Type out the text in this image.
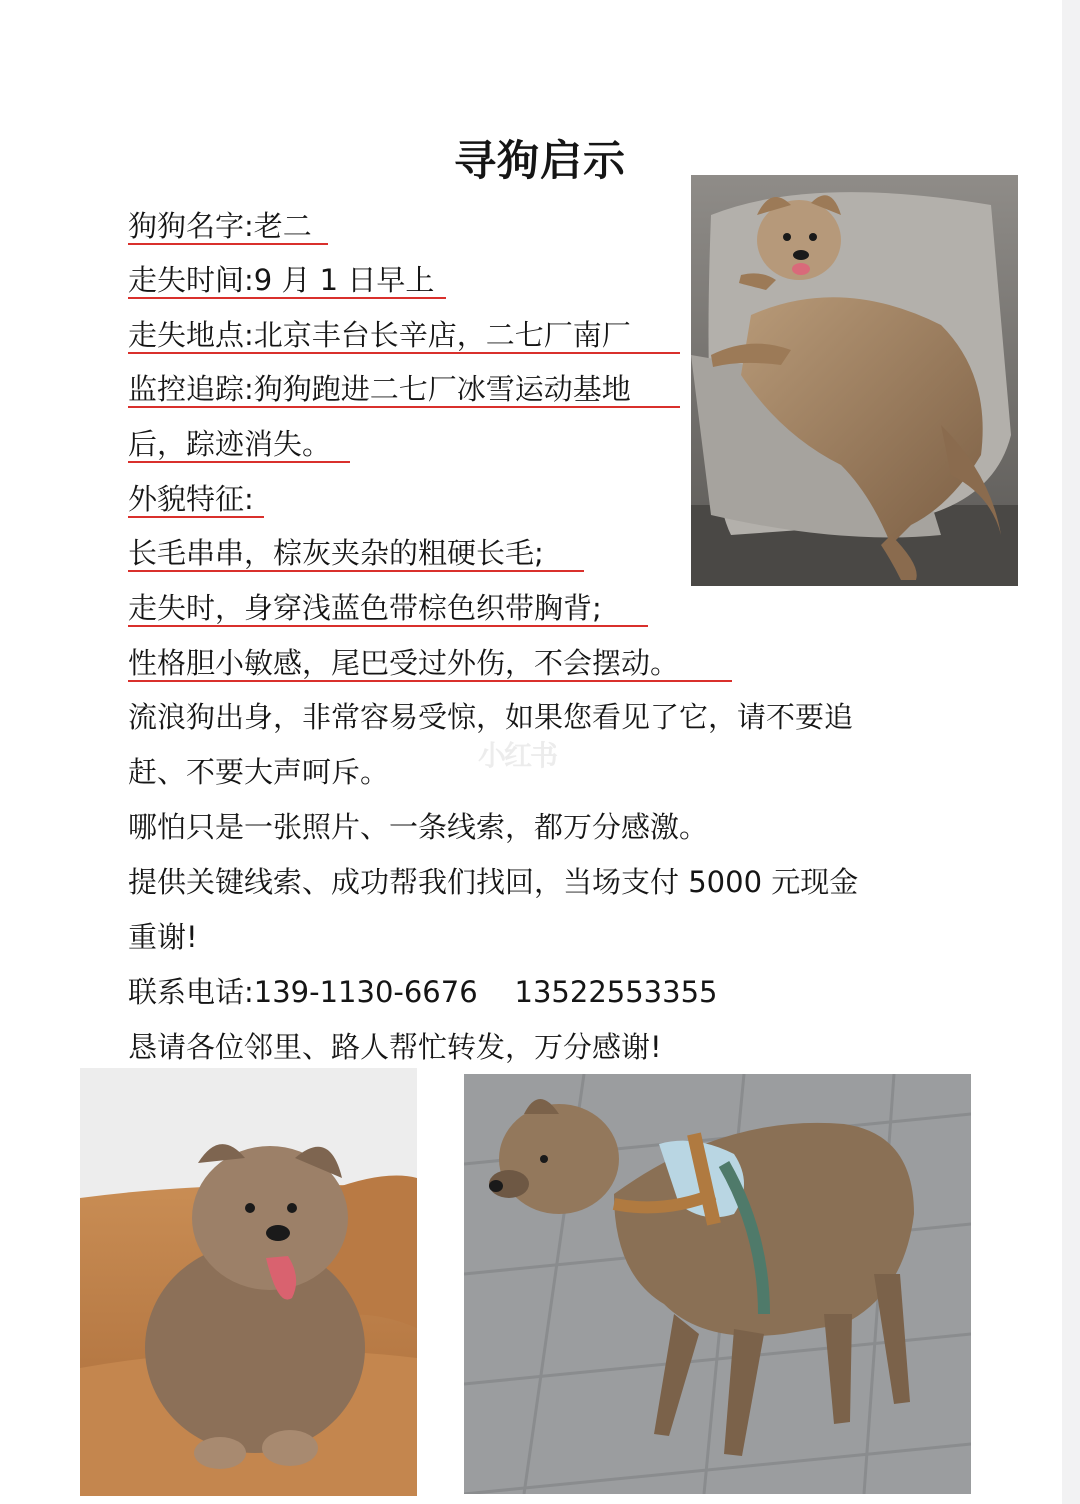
寻狗启示

狗狗名字:老二

走失时间:9 月 1 日早上

走失地点:北京丰台长辛店，二七厂南厂

监控追踪:狗狗跑进二七厂冰雪运动基地

后，踪迹消失。

外貌特征:

长毛串串，棕灰夹杂的粗硬长毛;

走失时，身穿浅蓝色带棕色织带胸背;

性格胆小敏感，尾巴受过外伤，不会摆动。

流浪狗出身，非常容易受惊，如果您看见了它，请不要追

赶、不要大声呵斥。

哪怕只是一张照片、一条线索，都万分感激。

提供关键线索、成功帮我们找回，当场支付 5000 元现金

重谢!

联系电话:139-1130-6676    13522553355

恳请各位邻里、路人帮忙转发，万分感谢!

小红书
